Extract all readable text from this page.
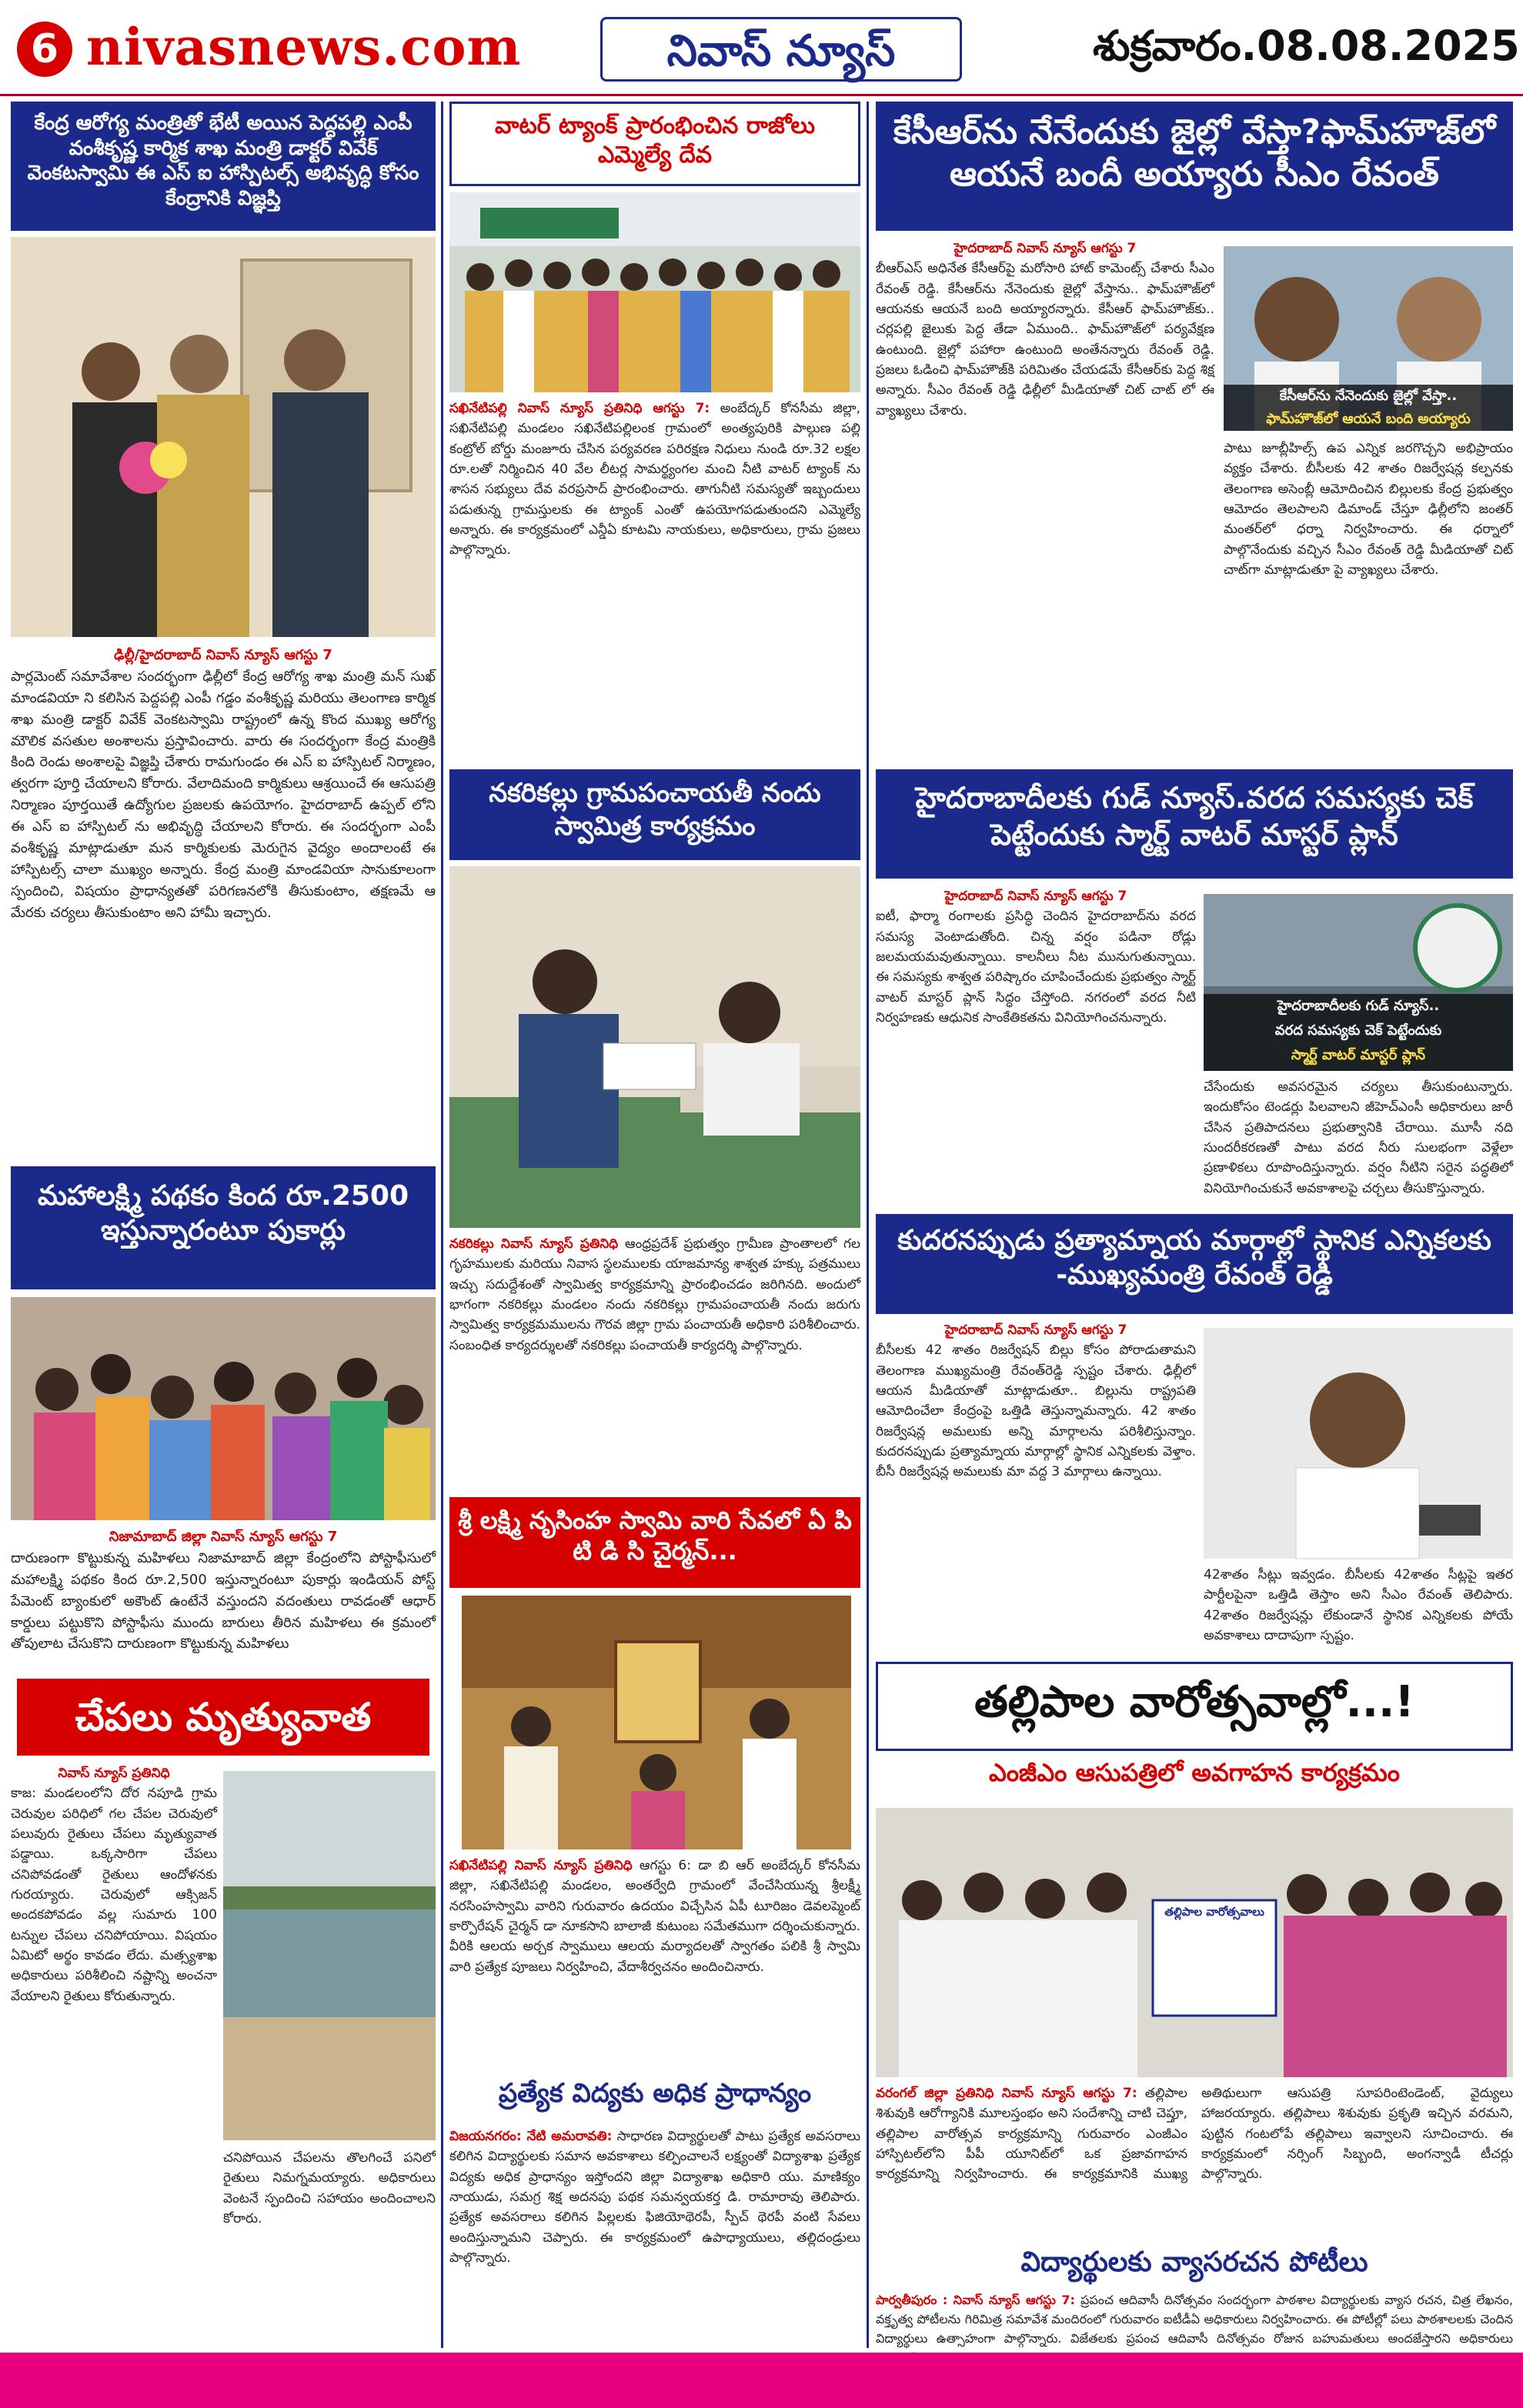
6 nivasnews.com	నివాస్ న్యూస్	శుక్రవారం.08.08.2025
కేంద్ర ఆరోగ్య మంత్రితో భేటీ అయిన పెద్దపల్లి ఎంపీ వంశీకృష్ణ కార్మిక శాఖ మంత్రి డాక్టర్ వివేక్ వెంకటస్వామి ఈ ఎస్ ఐ హాస్పిటల్స్ అభివృద్ధి కోసం కేంద్రానికి విజ్ఞప్తి
ఢిల్లీ/హైదరాబాద్ నివాస్ న్యూస్ ఆగస్టు 7
పార్లమెంట్ సమావేశాల సందర్భంగా ఢిల్లీలో కేంద్ర ఆరోగ్య శాఖ మంత్రి మన్ సుఖ్ మాండవియా ని కలిసిన పెద్దపల్లి ఎంపీ గడ్డం వంశీకృష్ణ మరియు తెలంగాణ కార్మిక శాఖ మంత్రి డాక్టర్ వివేక్ వెంకటస్వామి రాష్ట్రంలో ఉన్న కొంద ముఖ్య ఆరోగ్య మౌలిక వసతుల అంశాలను ప్రస్తావించారు. వారు ఈ సందర్భంగా కేంద్ర మంత్రికి కింది రెండు అంశాలపై విజ్ఞప్తి చేశారు రామగుండం ఈ ఎస్ ఐ హాస్పిటల్ నిర్మాణం, త్వరగా పూర్తి చేయాలని కోరారు. వేలాదిమంది కార్మికులు ఆశ్రయించే ఈ ఆసుపత్రి నిర్మాణం పూర్తయితే ఉద్యోగుల ప్రజలకు ఉపయోగం. హైదరాబాద్ ఉప్పల్ లోని ఈ ఎస్ ఐ హాస్పిటల్ ను అభివృద్ధి చేయాలని కోరారు. ఈ సందర్భంగా ఎంపీ వంశీకృష్ణ మాట్లాడుతూ మన కార్మికులకు మెరుగైన వైద్యం అందాలంటే ఈ హాస్పిటల్స్ చాలా ముఖ్యం అన్నారు. కేంద్ర మంత్రి మాండవియా సానుకూలంగా స్పందించి, విషయం ప్రాధాన్యతతో పరిగణనలోకి తీసుకుంటాం, తక్షణమే ఆ మేరకు చర్యలు తీసుకుంటాం అని హామీ ఇచ్చారు.
మహాలక్ష్మి పథకం కింద రూ.2500 ఇస్తున్నారంటూ పుకార్లు
నిజామాబాద్ జిల్లా నివాస్ న్యూస్ ఆగస్టు 7
దారుణంగా కొట్టుకున్న మహిళలు నిజామాబాద్ జిల్లా కేంద్రంలోని పోస్టాఫీసులో మహాలక్ష్మి పథకం కింద రూ.2,500 ఇస్తున్నారంటూ పుకార్లు ఇండియన్ పోస్ట్ పేమెంట్ బ్యాంకులో అకౌంట్ ఉంటేనే వస్తుందని వదంతులు రావడంతో ఆధార్ కార్డులు పట్టుకొని పోస్టాఫీసు ముందు బారులు తీరిన మహిళలు ఈ క్రమంలో తోపులాట చేసుకొని దారుణంగా కొట్టుకున్న మహిళలు
చేపలు మృత్యువాత
నివాస్ న్యూస్ ప్రతినిధి
కాజ: మండలంలోని దోర నపూడి గ్రామ చెరువుల పరిధిలో గల చేపల చెరువులో పలువురు రైతులు చేపలు మృత్యువాత పడ్డాయి. ఒక్కసారిగా చేపలు చనిపోవడంతో రైతులు ఆందోళనకు గురయ్యారు. చెరువులో ఆక్సిజన్ అందకపోవడం వల్ల సుమారు 100 టన్నుల చేపలు చనిపోయాయి. విషయం ఏమిటో అర్థం కావడం లేదు. మత్స్యశాఖ అధికారులు పరిశీలించి నష్టాన్ని అంచనా వేయాలని రైతులు కోరుతున్నారు.
చనిపోయిన చేపలను తొలగించే పనిలో రైతులు నిమగ్నమయ్యారు. అధికారులు వెంటనే స్పందించి సహాయం అందించాలని కోరారు.
వాటర్ ట్యాంక్ ప్రారంభించిన రాజోలు ఎమ్మెల్యే దేవ
సఖినేటిపల్లి నివాస్ న్యూస్ ప్రతినిధి ఆగస్టు 7: అంబేద్కర్ కోనసీమ జిల్లా, సఖినేటిపల్లి మండలం సఖినేటిపల్లిలంక గ్రామంలో అంత్యపురికి పాల్గుణ పల్లి కంట్రోల్ బోర్డు మంజూరు చేసిన పర్యవరణ పరిరక్షణ నిధులు నుండి రూ.32 లక్షల రూ.లతో నిర్మించిన 40 వేల లీటర్ల సామర్థ్యంగల మంచి నీటి వాటర్ ట్యాంక్ ను శాసన సభ్యులు దేవ వరప్రసాద్ ప్రారంభించారు. తాగునీటి సమస్యతో ఇబ్బందులు పడుతున్న గ్రామస్తులకు ఈ ట్యాంక్ ఎంతో ఉపయోగపడుతుందని ఎమ్మెల్యే అన్నారు. ఈ కార్యక్రమంలో ఎన్డీఏ కూటమి నాయకులు, అధికారులు, గ్రామ ప్రజలు పాల్గొన్నారు.
నకరికల్లు గ్రామపంచాయతీ నందు స్వామిత్ర కార్యక్రమం
నకరికల్లు నివాస్ న్యూస్ ప్రతినిధి ఆంధ్రప్రదేశ్ ప్రభుత్వం గ్రామీణ ప్రాంతాలలో గల గృహములకు మరియు నివాస స్థలములకు యాజమాన్య శాశ్వత హక్కు పత్రములు ఇచ్చు సదుద్దేశంతో స్వామిత్వ కార్యక్రమాన్ని ప్రారంభించడం జరిగినది. అందులో భాగంగా నకరికల్లు మండలం నందు నకరికల్లు గ్రామపంచాయతీ నందు జరుగు స్వామిత్వ కార్యక్రమములను గౌరవ జిల్లా గ్రామ పంచాయతీ అధికారి పరిశీలించారు. సంబంధిత కార్యదర్శులతో నకరికల్లు పంచాయతీ కార్యదర్శి పాల్గొన్నారు.
శ్రీ లక్ష్మి నృసింహ స్వామి వారి సేవలో ఏ పి టి డి సి చైర్మన్...
సఖినేటిపల్లి నివాస్ న్యూస్ ప్రతినిధి ఆగస్టు 6: డా బి ఆర్ అంబేద్కర్ కోనసీమ జిల్లా, సఖినేటిపల్లి మండలం, అంతర్వేది గ్రామంలో వేంచేసియున్న శ్రీలక్ష్మీ నరసింహస్వామి వారిని గురువారం ఉదయం విచ్చేసిన ఏపీ టూరిజం డెవలప్మెంట్ కార్పొరేషన్ చైర్మన్ డా నూకసాని బాలాజీ కుటుంబ సమేతముగా దర్శించుకున్నారు. వీరికి ఆలయ అర్చక స్వాములు ఆలయ మర్యాదలతో స్వాగతం పలికి శ్రీ స్వామి వారి ప్రత్యేక పూజలు నిర్వహించి, వేదాశీర్వచనం అందించినారు.
ప్రత్యేక విద్యకు అధిక ప్రాధాన్యం
విజయనగరం: నేటి అమరావతి: సాధారణ విద్యార్థులతో పాటు ప్రత్యేక అవసరాలు కలిగిన విద్యార్థులకు సమాన అవకాశాలు కల్పించాలనే లక్ష్యంతో విద్యాశాఖ ప్రత్యేక విద్యకు అధిక ప్రాధాన్యం ఇస్తోందని జిల్లా విద్యాశాఖ అధికారి యు. మాణిక్యం నాయుడు, సమగ్ర శిక్ష అదనపు పథక సమన్వయకర్త డి. రామారావు తెలిపారు. ప్రత్యేక అవసరాలు కలిగిన పిల్లలకు ఫిజియోథెరపీ, స్పీచ్ థెరపీ వంటి సేవలు అందిస్తున్నామని చెప్పారు. ఈ కార్యక్రమంలో ఉపాధ్యాయులు, తల్లిదండ్రులు పాల్గొన్నారు.
కేసీఆర్‌ను నేనేందుకు జైల్లో వేస్తా?ఫామ్‌హౌజ్‌లో ఆయనే బందీ అయ్యారు సీఎం రేవంత్
హైదరాబాద్ నివాస్ న్యూస్ ఆగస్టు 7
బీఆర్ఎస్ అధినేత కేసీఆర్‌పై మరోసారి హాట్ కామెంట్స్ చేశారు సీఎం రేవంత్ రెడ్డి. కేసీఆర్‌ను నేనెందుకు జైల్లో వేస్తాను.. ఫామ్‌హౌజ్‌లో ఆయనకు ఆయనే బంది అయ్యారన్నారు. కేసీఆర్ ఫామ్‌హౌజ్‌కు.. చర్లపల్లి జైలుకు పెద్ద తేడా ఏముంది.. ఫామ్‌హౌజ్‌లో పర్యవేక్షణ ఉంటుంది. జైల్లో పహారా ఉంటుంది అంతేనన్నారు రేవంత్ రెడ్డి. ప్రజలు ఓడించి ఫామ్‌హౌజ్‌కి పరిమితం చేయడమే కేసీఆర్‌కు పెద్ద శిక్ష అన్నారు. సీఎం రేవంత్ రెడ్డి ఢిల్లీలో మీడియాతో చిట్ చాట్ లో ఈ వ్యాఖ్యలు చేశారు.
కేసీఆర్‌ను నేనెందుకు జైల్లో వేస్తా..
ఫామ్‌హౌజ్‌లో ఆయనే బంది అయ్యారు
పాటు జూబ్లీహిల్స్ ఉప ఎన్నిక జరగొచ్చని అభిప్రాయం వ్యక్తం చేశారు. బీసీలకు 42 శాతం రిజర్వేషన్ల కల్పనకు తెలంగాణ అసెంబ్లీ ఆమోదించిన బిల్లులకు కేంద్ర ప్రభుత్వం ఆమోదం తెలపాలని డిమాండ్ చేస్తూ ఢిల్లీలోని జంతర్ మంతర్‌లో ధర్నా నిర్వహించారు. ఈ ధర్నాలో పాల్గొనేందుకు వచ్చిన సీఎం రేవంత్ రెడ్డి మీడియాతో చిట్ చాట్‌గా మాట్లాడుతూ పై వ్యాఖ్యలు చేశారు.
హైదరాబాదీలకు గుడ్ న్యూస్.వరద సమస్యకు చెక్ పెట్టేందుకు స్మార్ట్ వాటర్ మాస్టర్ ప్లాన్
హైదరాబాద్ నివాస్ న్యూస్ ఆగస్టు 7
ఐటీ, ఫార్మా రంగాలకు ప్రసిద్ధి చెందిన హైదరాబాద్‌ను వరద సమస్య వెంటాడుతోంది. చిన్న వర్షం పడినా రోడ్లు జలమయమవుతున్నాయి. కాలనీలు నీట మునుగుతున్నాయి. ఈ సమస్యకు శాశ్వత పరిష్కారం చూపించేందుకు ప్రభుత్వం స్మార్ట్ వాటర్ మాస్టర్ ప్లాన్ సిద్ధం చేస్తోంది. నగరంలో వరద నీటి నిర్వహణకు ఆధునిక సాంకేతికతను వినియోగించనున్నారు.
హైదరాబాదీలకు గుడ్ న్యూస్..
వరద సమస్యకు చెక్ పెట్టేందుకు
స్మార్ట్ వాటర్ మాస్టర్ ప్లాన్
చేసేందుకు అవసరమైన చర్యలు తీసుకుంటున్నారు. ఇందుకోసం టెండర్లు పిలవాలని జీహెచ్ఎంసీ అధికారులు జారీ చేసిన ప్రతిపాదనలు ప్రభుత్వానికి చేరాయి. మూసీ నది సుందరీకరణతో పాటు వరద నీరు సులభంగా వెళ్లేలా ప్రణాళికలు రూపొందిస్తున్నారు. వర్షం నీటిని సరైన పద్ధతిలో వినియోగించుకునే అవకాశాలపై చర్చలు తీసుకొస్తున్నారు.
కుదరనప్పుడు ప్రత్యామ్నాయ మార్గాల్లో స్థానిక ఎన్నికలకు -ముఖ్యమంత్రి రేవంత్ రెడ్డి
హైదరాబాద్ నివాస్ న్యూస్ ఆగస్టు 7
బీసీలకు 42 శాతం రిజర్వేషన్ బిల్లు కోసం పోరాడుతామని తెలంగాణ ముఖ్యమంత్రి రేవంత్‌రెడ్డి స్పష్టం చేశారు. ఢిల్లీలో ఆయన మీడియాతో మాట్లాడుతూ.. బిల్లును రాష్ట్రపతి ఆమోదించేలా కేంద్రంపై ఒత్తిడి తెస్తున్నామన్నారు. 42 శాతం రిజర్వేషన్ల అమలుకు అన్ని మార్గాలను పరిశీలిస్తున్నాం. కుదరనప్పుడు ప్రత్యామ్నాయ మార్గాల్లో స్థానిక ఎన్నికలకు వెళ్తాం. బీసీ రిజర్వేషన్ల అమలుకు మా వద్ద 3 మార్గాలు ఉన్నాయి.
42శాతం సీట్లు ఇవ్వడం. బీసీలకు 42శాతం సీట్లపై ఇతర పార్టీలపైనా ఒత్తిడి తెస్తాం అని సీఎం రేవంత్ తెలిపారు. 42శాతం రిజర్వేషన్లు లేకుండానే స్థానిక ఎన్నికలకు పోయే అవకాశాలు దాదాపుగా స్పష్టం.
తల్లిపాల వారోత్సవాల్లో...!
ఎంజీఎం ఆసుపత్రిలో అవగాహన కార్యక్రమం
తల్లిపాల వారోత్సవాలు
వరంగల్ జిల్లా ప్రతినిధి నివాస్ న్యూస్ ఆగస్టు 7: తల్లిపాల శిశువుకి ఆరోగ్యానికి మూలస్తంభం అని సందేశాన్ని చాటి చెప్తూ, తల్లిపాల వారోత్సవ కార్యక్రమాన్ని గురువారం ఎంజీఎం హాస్పిటల్‌లోని పీపీ యూనిట్‌లో ఒక ప్రజావగాహన కార్యక్రమాన్ని నిర్వహించారు. ఈ కార్యక్రమానికి ముఖ్య అతిథులుగా ఆసుపత్రి సూపరింటెండెంట్, వైద్యులు హాజరయ్యారు. తల్లిపాలు శిశువుకు ప్రకృతి ఇచ్చిన వరమని, పుట్టిన గంటలోపే తల్లిపాలు ఇవ్వాలని సూచించారు. ఈ కార్యక్రమంలో నర్సింగ్ సిబ్బంది, అంగన్వాడీ టీచర్లు పాల్గొన్నారు.
విద్యార్థులకు వ్యాసరచన పోటీలు
పార్వతీపురం : నివాస్ న్యూస్ ఆగస్టు 7: ప్రపంచ ఆదివాసీ దినోత్సవం సందర్భంగా పాఠశాల విద్యార్థులకు వ్యాస రచన, చిత్ర లేఖనం, వక్తృత్వ పోటీలను గిరిమిత్ర సమావేశ మందిరంలో గురువారం ఐటీడీఏ అధికారులు నిర్వహించారు. ఈ పోటీల్లో పలు పాఠశాలలకు చెందిన విద్యార్థులు ఉత్సాహంగా పాల్గొన్నారు. విజేతలకు ప్రపంచ ఆదివాసీ దినోత్సవం రోజున బహుమతులు అందజేస్తారని అధికారులు
